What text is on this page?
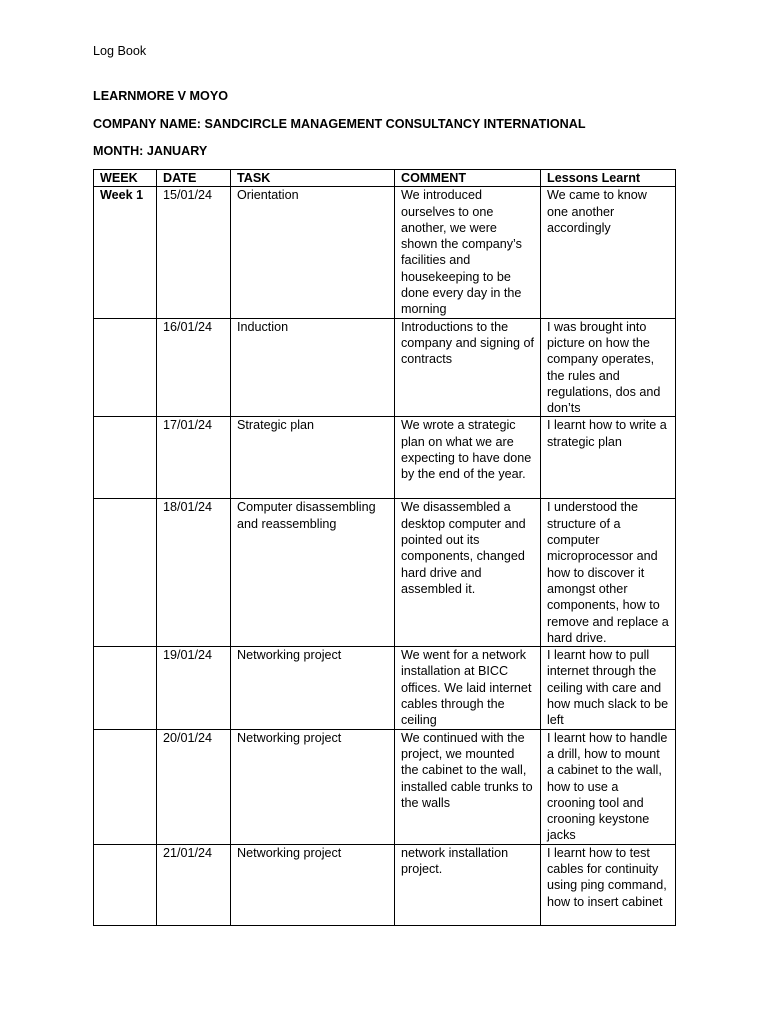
Log Book

LEARNMORE V MOYO

COMPANY NAME: SANDCIRCLE MANAGEMENT CONSULTANCY INTERNATIONAL

MONTH: JANUARY

WEEK	DATE	TASK	COMMENT	Lessons Learnt
Week 1	15/01/24	Orientation	We introduced ourselves to one another, we were shown the company’s facilities and housekeeping to be done every day in the morning	We came to know one another accordingly
	16/01/24	Induction	Introductions to the company and signing of contracts	I was brought into picture on how the company operates, the rules and regulations, dos and don’ts
	17/01/24	Strategic plan	We wrote a strategic plan on what we are expecting to have done by the end of the year.	I learnt how to write a strategic plan
	18/01/24	Computer disassembling and reassembling	We disassembled a desktop computer and pointed out its components, changed hard drive and assembled it.	I understood the structure of a computer microprocessor and how to discover it amongst other components, how to remove and replace a hard drive.
	19/01/24	Networking project	We went for a network installation at BICC offices. We laid internet cables through the ceiling	I learnt how to pull internet through the ceiling with care and how much slack to be left
	20/01/24	Networking project	We continued with the project, we mounted the cabinet to the wall, installed cable trunks to the walls	I learnt how to handle a drill, how to mount a cabinet to the wall, how to use a crooning tool and crooning keystone jacks
	21/01/24	Networking project	network installation project.	I learnt how to test cables for continuity using ping command, how to insert cabinet
